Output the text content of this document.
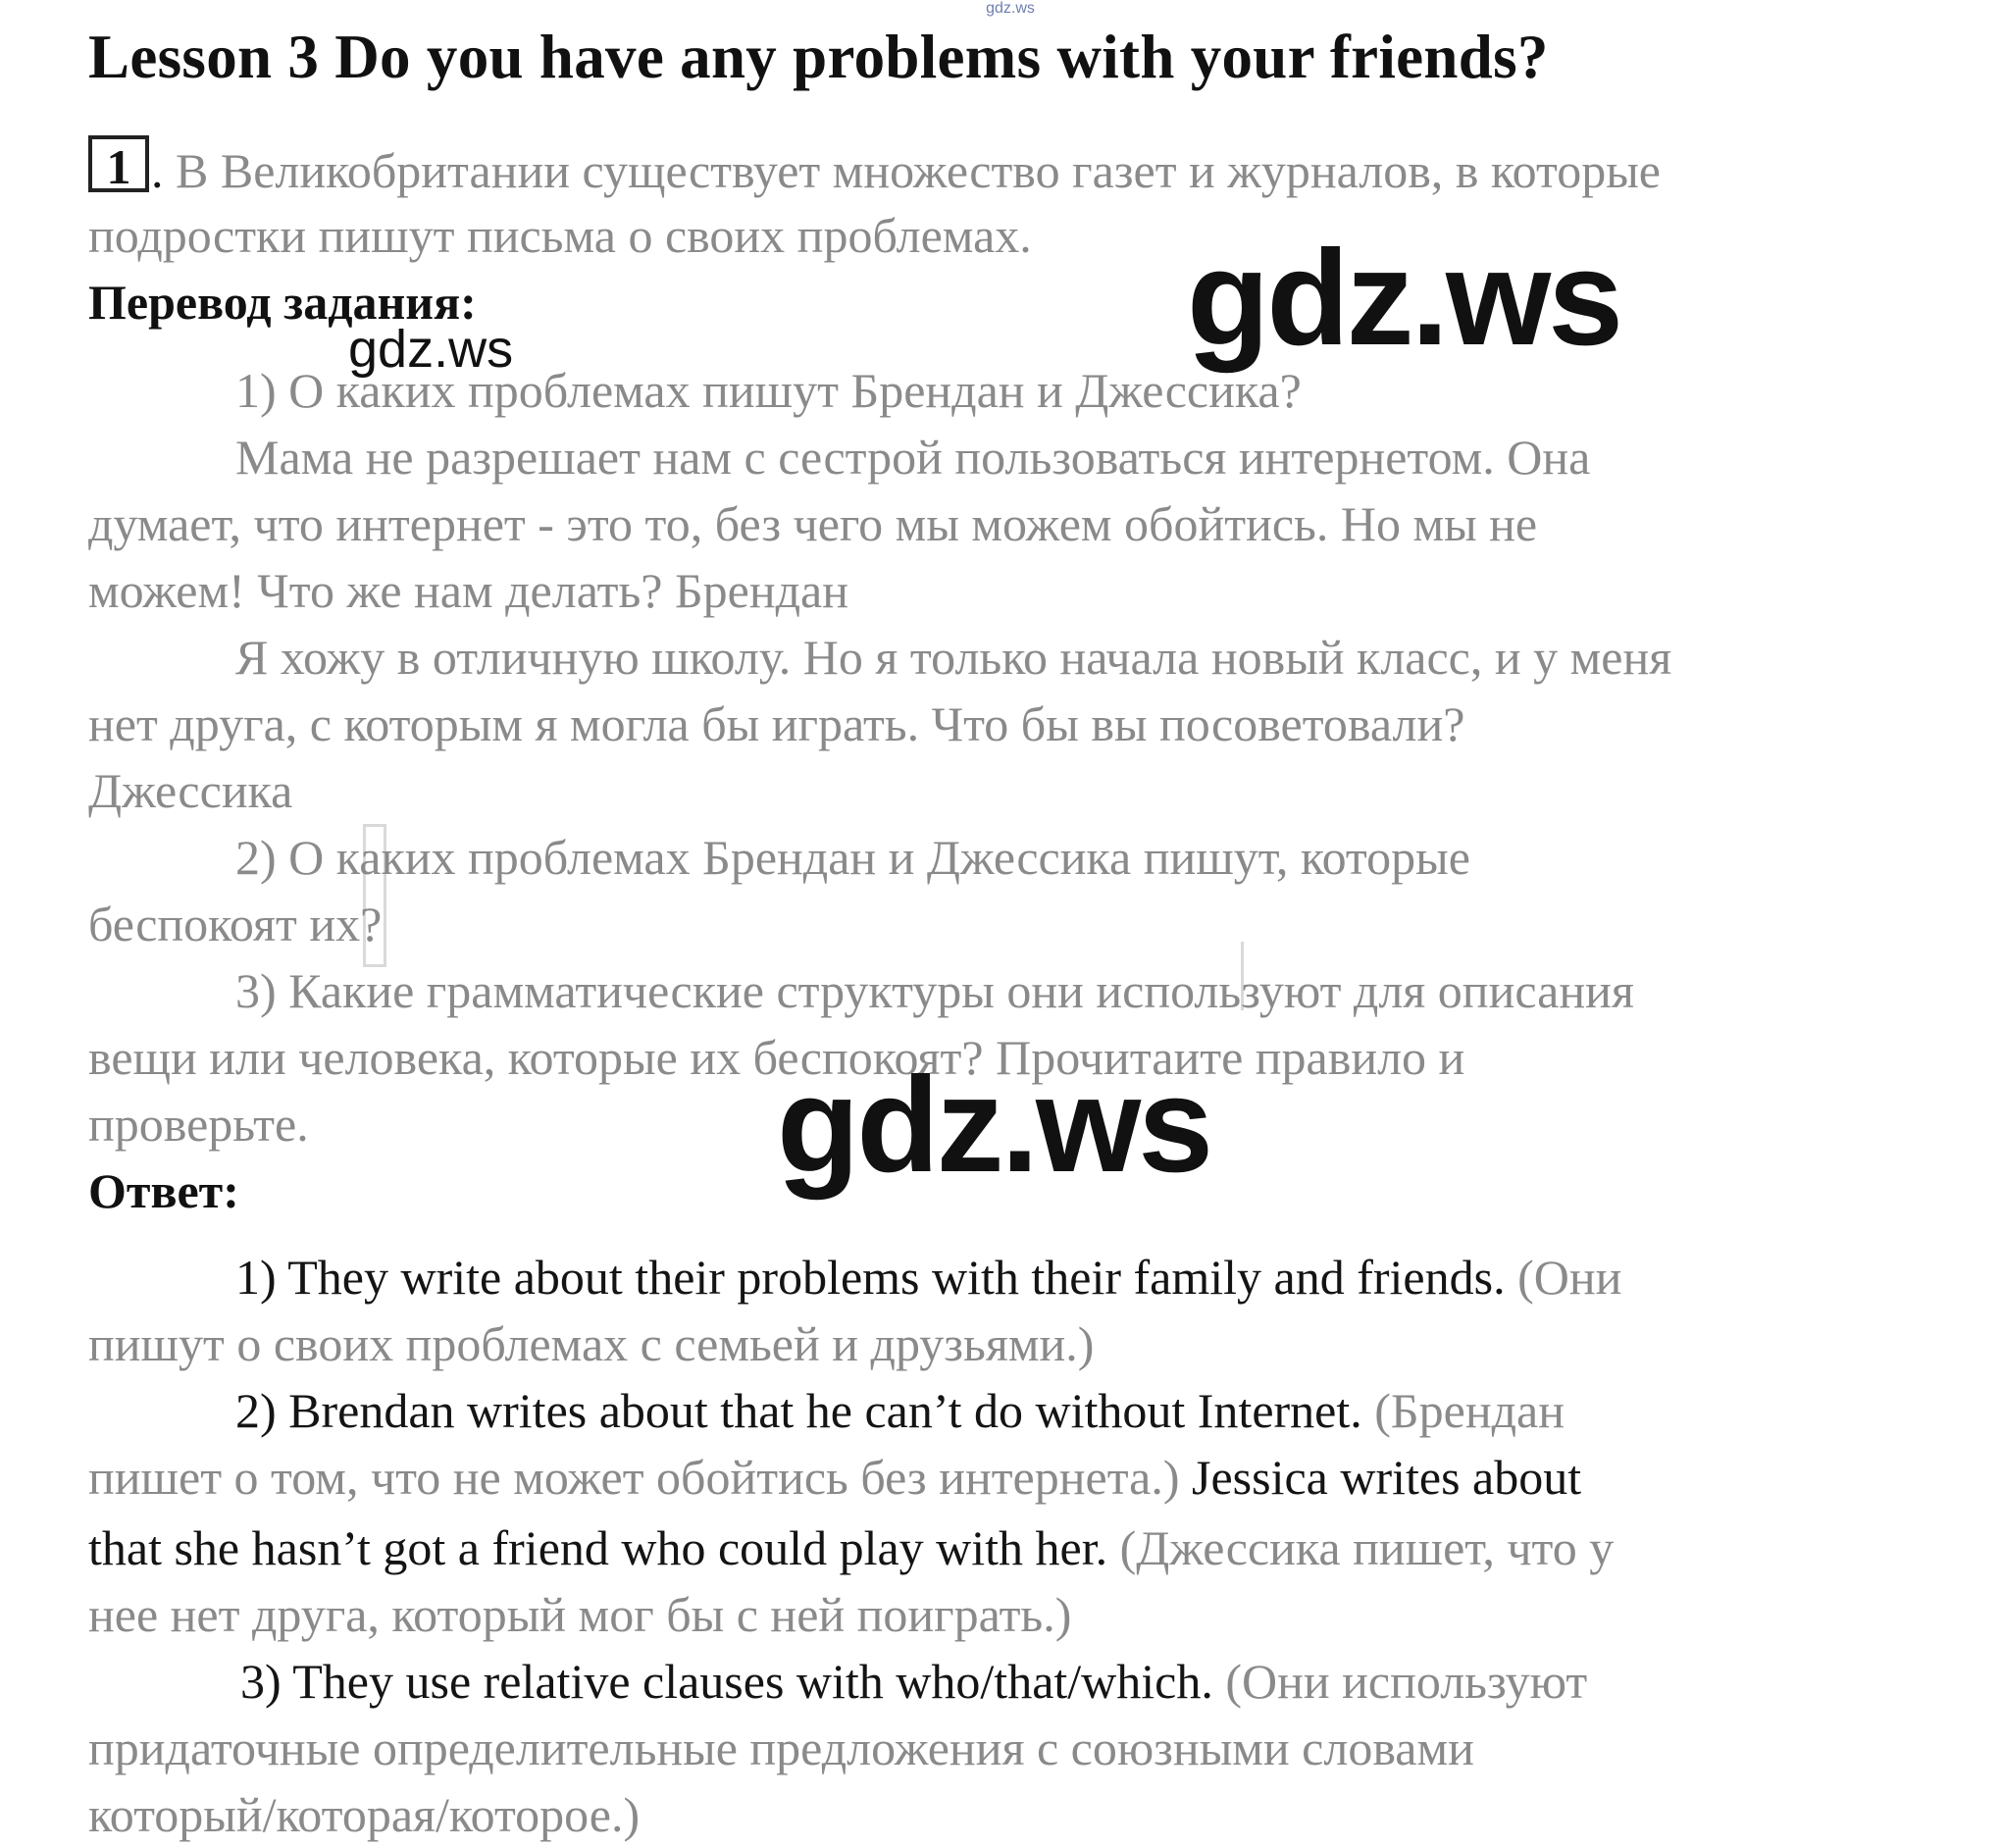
gdz.ws
Lesson 3 Do you have any problems with your friends?
1 . В Великобритании существует множество газет и журналов, в которые
подростки пишут письма о своих проблемах.
Перевод задания:
1) О каких проблемах пишут Брендан и Джессика?
Мама не разрешает нам с сестрой пользоваться интернетом. Она
думает, что интернет - это то, без чего мы можем обойтись. Но мы не
можем! Что же нам делать? Брендан
Я хожу в отличную школу. Но я только начала новый класс, и у меня
нет друга, с которым я могла бы играть. Что бы вы посоветовали?
Джессика
2) О каких проблемах Брендан и Джессика пишут, которые
беспокоят их?
3) Какие грамматические структуры они используют для описания
вещи или человека, которые их беспокоят? Прочитаите правило и
проверьте.
Ответ:
1) They write about their problems with their family and friends. (Они
пишут о своих проблемах с семьей и друзьями.)
2) Brendan writes about that he can’t do without Internet. (Брендан
пишет о том, что не может обойтись без интернета.) Jessica writes about
that she hasn’t got a friend who could play with her. (Джессика пишет, что у
нее нет друга, который мог бы с ней поиграть.)
3) They use relative clauses with who/that/which. (Они используют
придаточные определительные предложения с союзными словами
который/которая/которое.)
gdz.ws
gdz.ws
gdz.ws
